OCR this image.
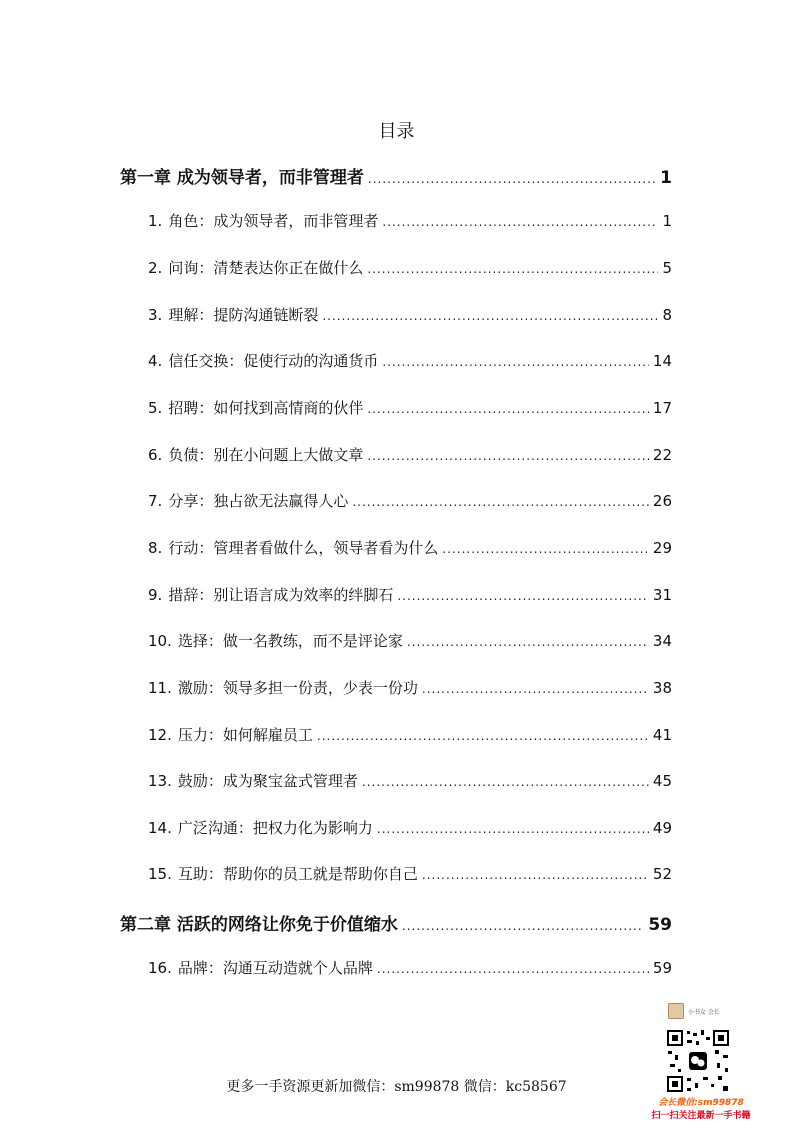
目录
第一章 成为领导者，而非管理者 .....	1
1. 角色：成为领导者，而非管理者 .....	1
2. 问询：清楚表达你正在做什么 .....	5
3. 理解：提防沟通链断裂 .....	8
4. 信任交换：促使行动的沟通货币 .....	14
5. 招聘：如何找到高情商的伙伴 .....	17
6. 负债：别在小问题上大做文章 .....	22
7. 分享：独占欲无法赢得人心 .....	26
8. 行动：管理者看做什么，领导者看为什么 .....	29
9. 措辞：别让语言成为效率的绊脚石 .....	31
10. 选择：做一名教练，而不是评论家 .....	34
11. 激励：领导多担一份责，少表一份功 .....	38
12. 压力：如何解雇员工 .....	41
13. 鼓励：成为聚宝盆式管理者 .....	45
14. 广泛沟通：把权力化为影响力 .....	49
15. 互助：帮助你的员工就是帮助你自己 .....	52
第二章 活跃的网络让你免于价值缩水 .....	59
16. 品牌：沟通互动造就个人品牌 .....	59
小书女 会长
会长微信:sm99878
扫一扫关注最新一手书籍
更多一手资源更新加微信：sm99878 微信：kc58567
